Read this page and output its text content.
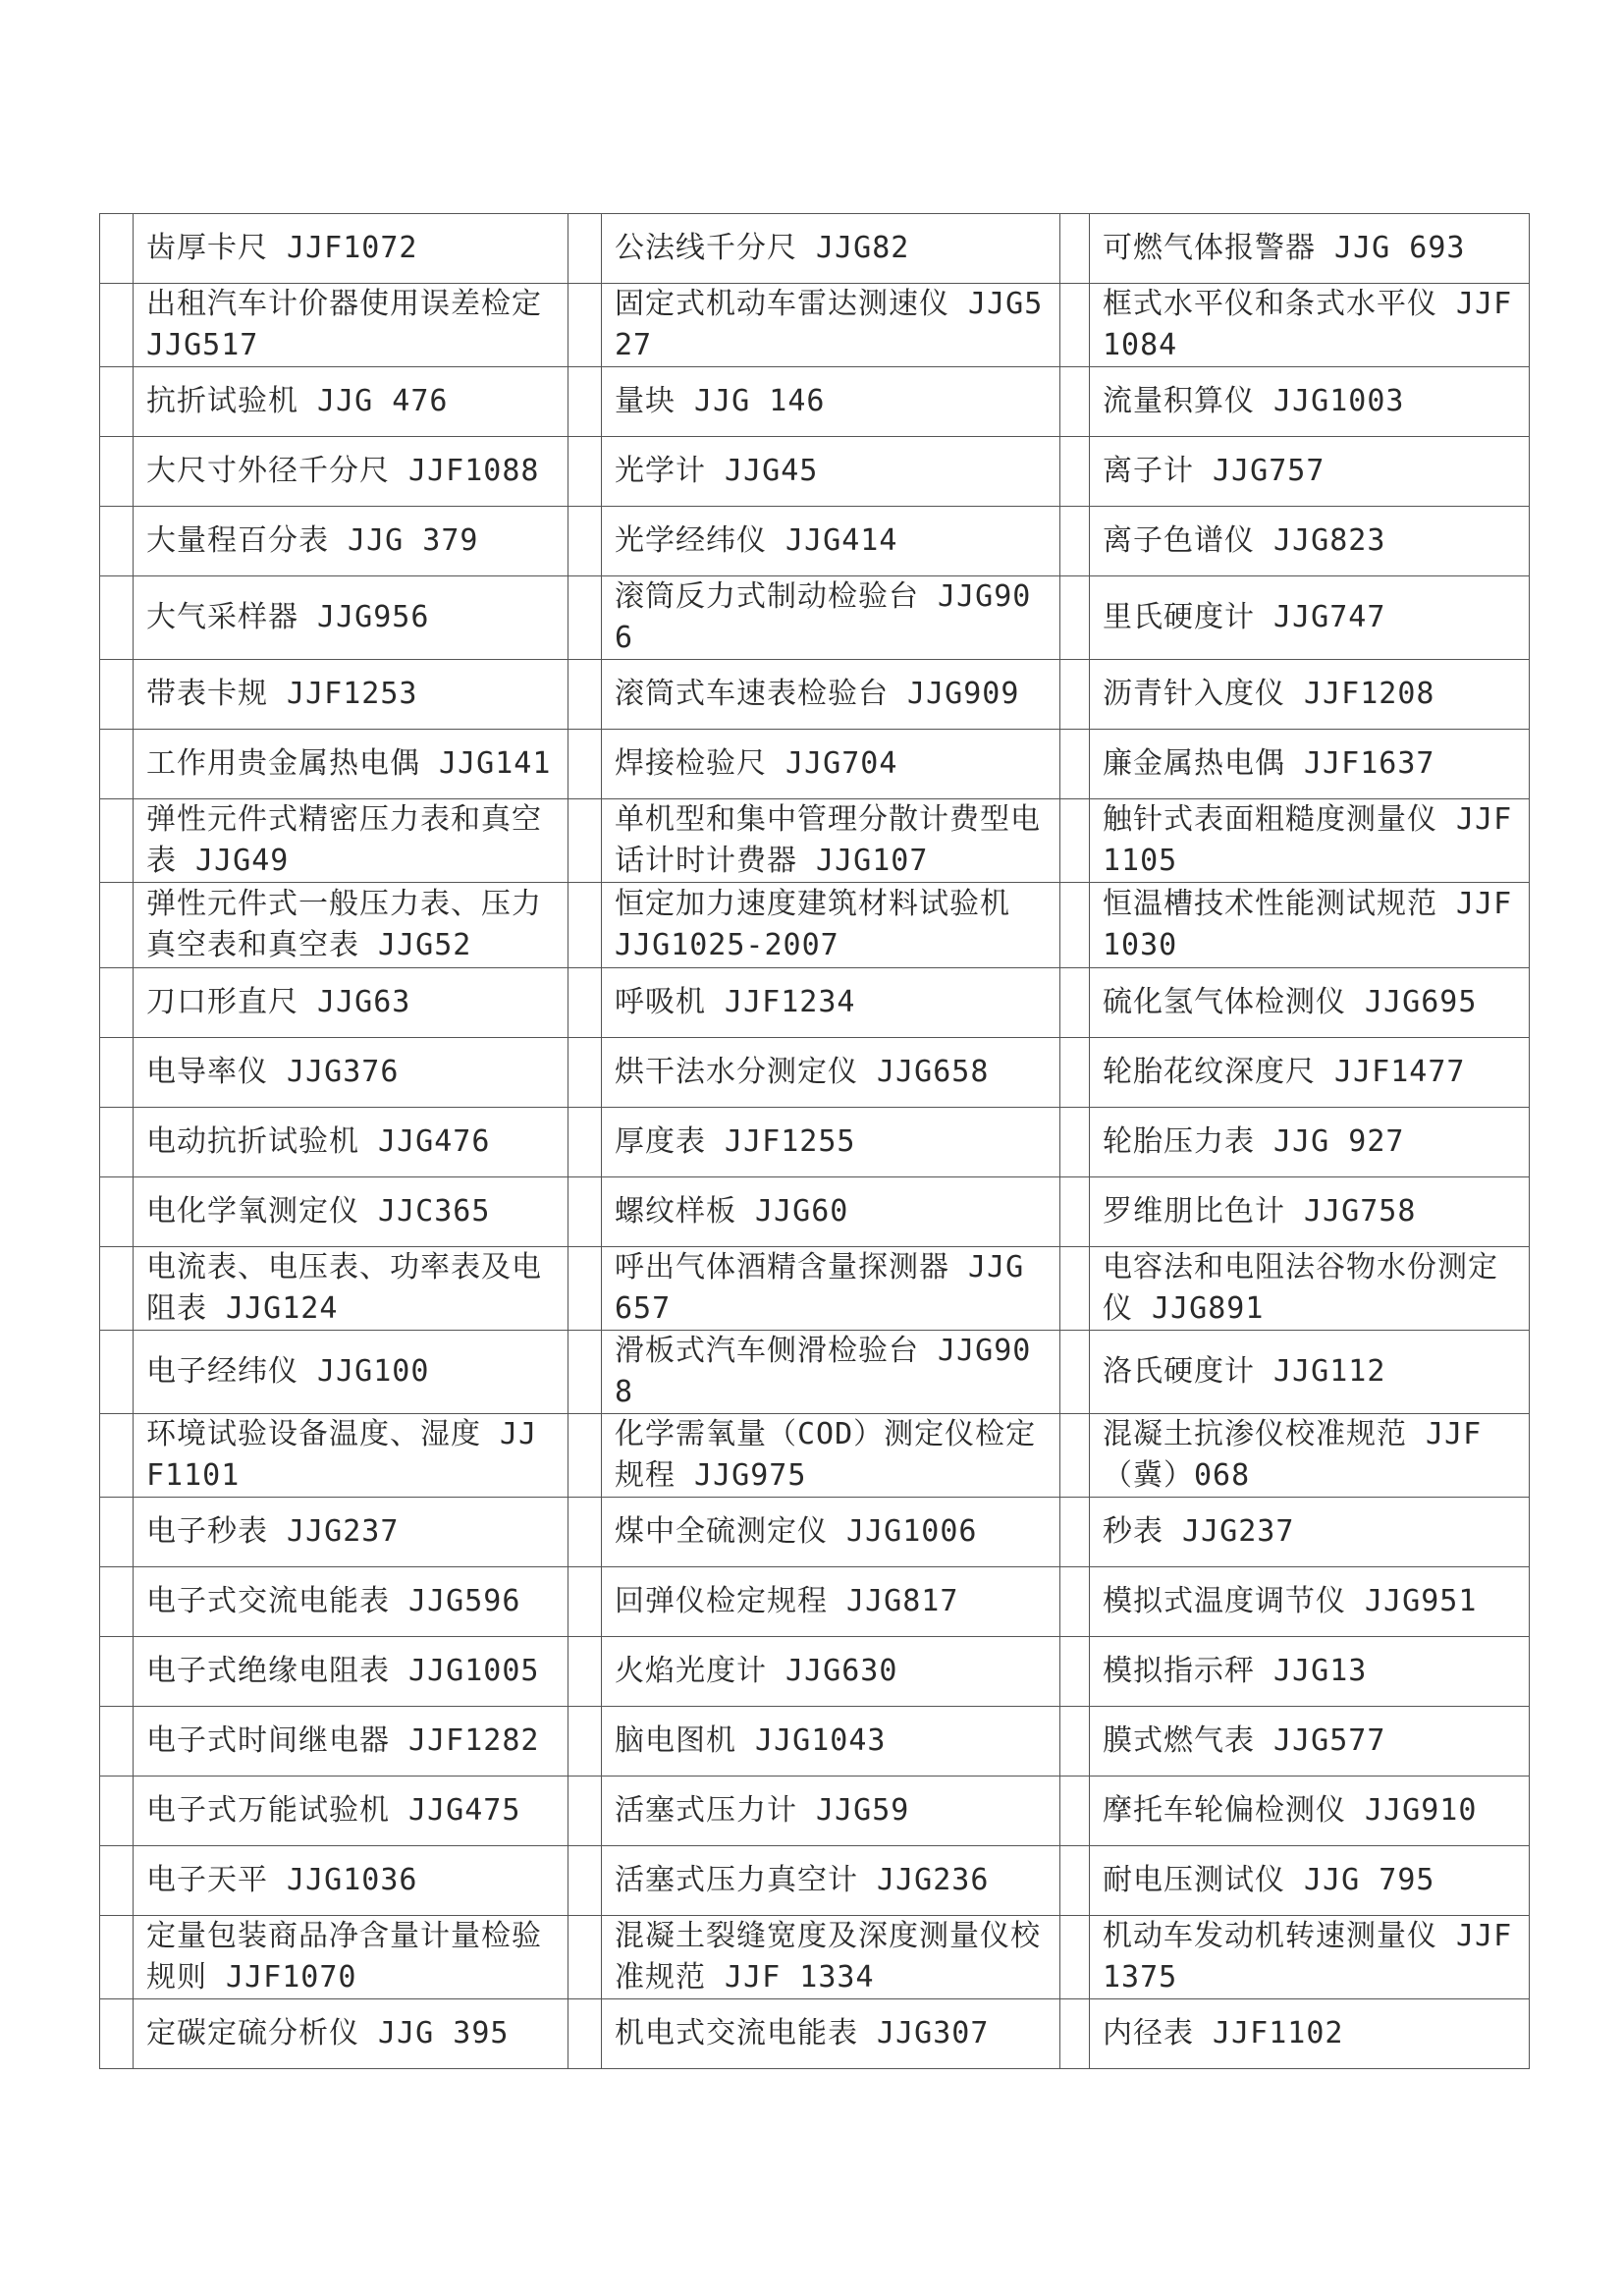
	齿厚卡尺 JJF1072		公法线千分尺 JJG82		可燃气体报警器 JJG 693
	出租汽车计价器使用误差检定 JJG517		固定式机动车雷达测速仪 JJG527		框式水平仪和条式水平仪 JJF1084
	抗折试验机 JJG 476		量块 JJG 146		流量积算仪 JJG1003
	大尺寸外径千分尺 JJF1088		光学计 JJG45		离子计 JJG757
	大量程百分表 JJG 379		光学经纬仪 JJG414		离子色谱仪 JJG823
	大气采样器 JJG956		滚筒反力式制动检验台 JJG906		里氏硬度计 JJG747
	带表卡规 JJF1253		滚筒式车速表检验台 JJG909		沥青针入度仪 JJF1208
	工作用贵金属热电偶 JJG141		焊接检验尺 JJG704		廉金属热电偶 JJF1637
	弹性元件式精密压力表和真空表 JJG49		单机型和集中管理分散计费型电话计时计费器 JJG107		触针式表面粗糙度测量仪 JJF1105
	弹性元件式一般压力表、压力真空表和真空表 JJG52		恒定加力速度建筑材料试验机 JJG1025-2007		恒温槽技术性能测试规范 JJF1030
	刀口形直尺 JJG63		呼吸机 JJF1234		硫化氢气体检测仪 JJG695
	电导率仪 JJG376		烘干法水分测定仪 JJG658		轮胎花纹深度尺 JJF1477
	电动抗折试验机 JJG476		厚度表 JJF1255		轮胎压力表 JJG 927
	电化学氧测定仪 JJC365		螺纹样板 JJG60		罗维朋比色计 JJG758
	电流表、电压表、功率表及电阻表 JJG124		呼出气体酒精含量探测器 JJG 657		电容法和电阻法谷物水份测定仪 JJG891
	电子经纬仪 JJG100		滑板式汽车侧滑检验台 JJG908		洛氏硬度计 JJG112
	环境试验设备温度、湿度 JJF1101		化学需氧量（COD）测定仪检定规程 JJG975		混凝土抗渗仪校准规范 JJF（冀）068
	电子秒表 JJG237		煤中全硫测定仪 JJG1006		秒表 JJG237
	电子式交流电能表 JJG596		回弹仪检定规程 JJG817		模拟式温度调节仪 JJG951
	电子式绝缘电阻表 JJG1005		火焰光度计 JJG630		模拟指示秤 JJG13
	电子式时间继电器 JJF1282		脑电图机 JJG1043		膜式燃气表 JJG577
	电子式万能试验机 JJG475		活塞式压力计 JJG59		摩托车轮偏检测仪 JJG910
	电子天平 JJG1036		活塞式压力真空计 JJG236		耐电压测试仪 JJG 795
	定量包装商品净含量计量检验规则 JJF1070		混凝土裂缝宽度及深度测量仪校准规范 JJF 1334		机动车发动机转速测量仪 JJF1375
	定碳定硫分析仪 JJG 395		机电式交流电能表 JJG307		内径表 JJF1102
